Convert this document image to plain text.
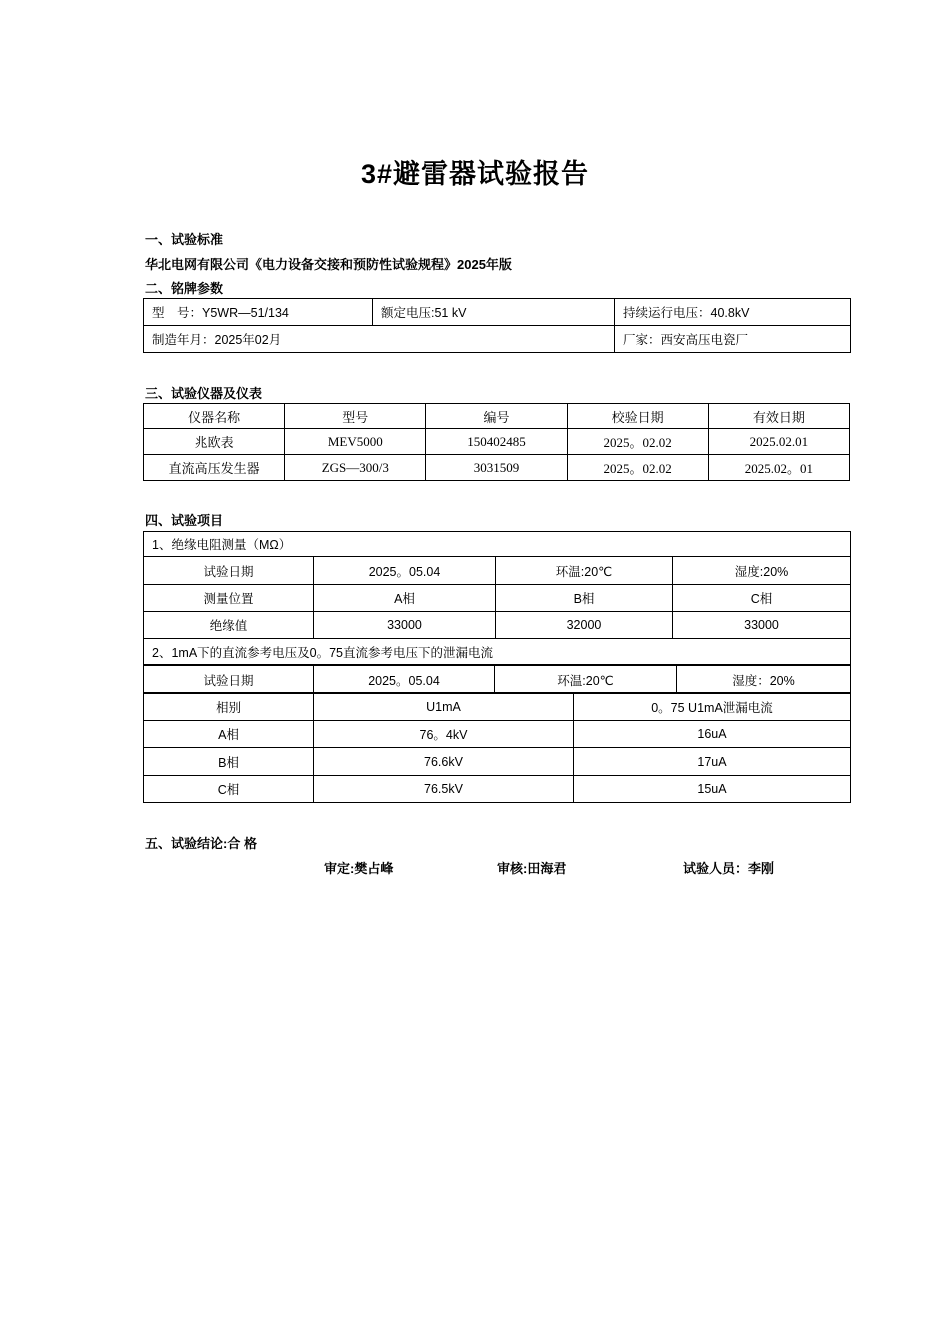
3#避雷器试验报告
一、试验标准
华北电网有限公司《电力设备交接和预防性试验规程》2025年版
二、铭牌参数
型　号：Y5WR—51/134	额定电压:51 kV	持续运行电压：40.8kV
制造年月：2025年02月		厂家：西安高压电瓷厂
三、试验仪器及仪表
仪器名称	型号	编号	校验日期	有效日期
兆欧表	MEV5000	150402485	2025。02.02	2025.02.01
直流高压发生器	ZGS—300/3	3031509	2025。02.02	2025.02。01
四、试验项目
1、绝缘电阻测量（MΩ）			
试验日期	2025。05.04	环温:20℃	湿度:20%
测量位置	A相	B相	C相
绝缘值	33000	32000	33000
2、1mA下的直流参考电压及0。75直流参考电压下的泄漏电流			
试验日期	2025。05.04	环温:20℃	湿度：20%
相别	U1mA	0。75 U1mA泄漏电流
A相	76。4kV	16uA
B相	76.6kV	17uA
C相	76.5kV	15uA
五、试验结论:合 格
审定:樊占峰	审核:田海君	试验人员：李刚
